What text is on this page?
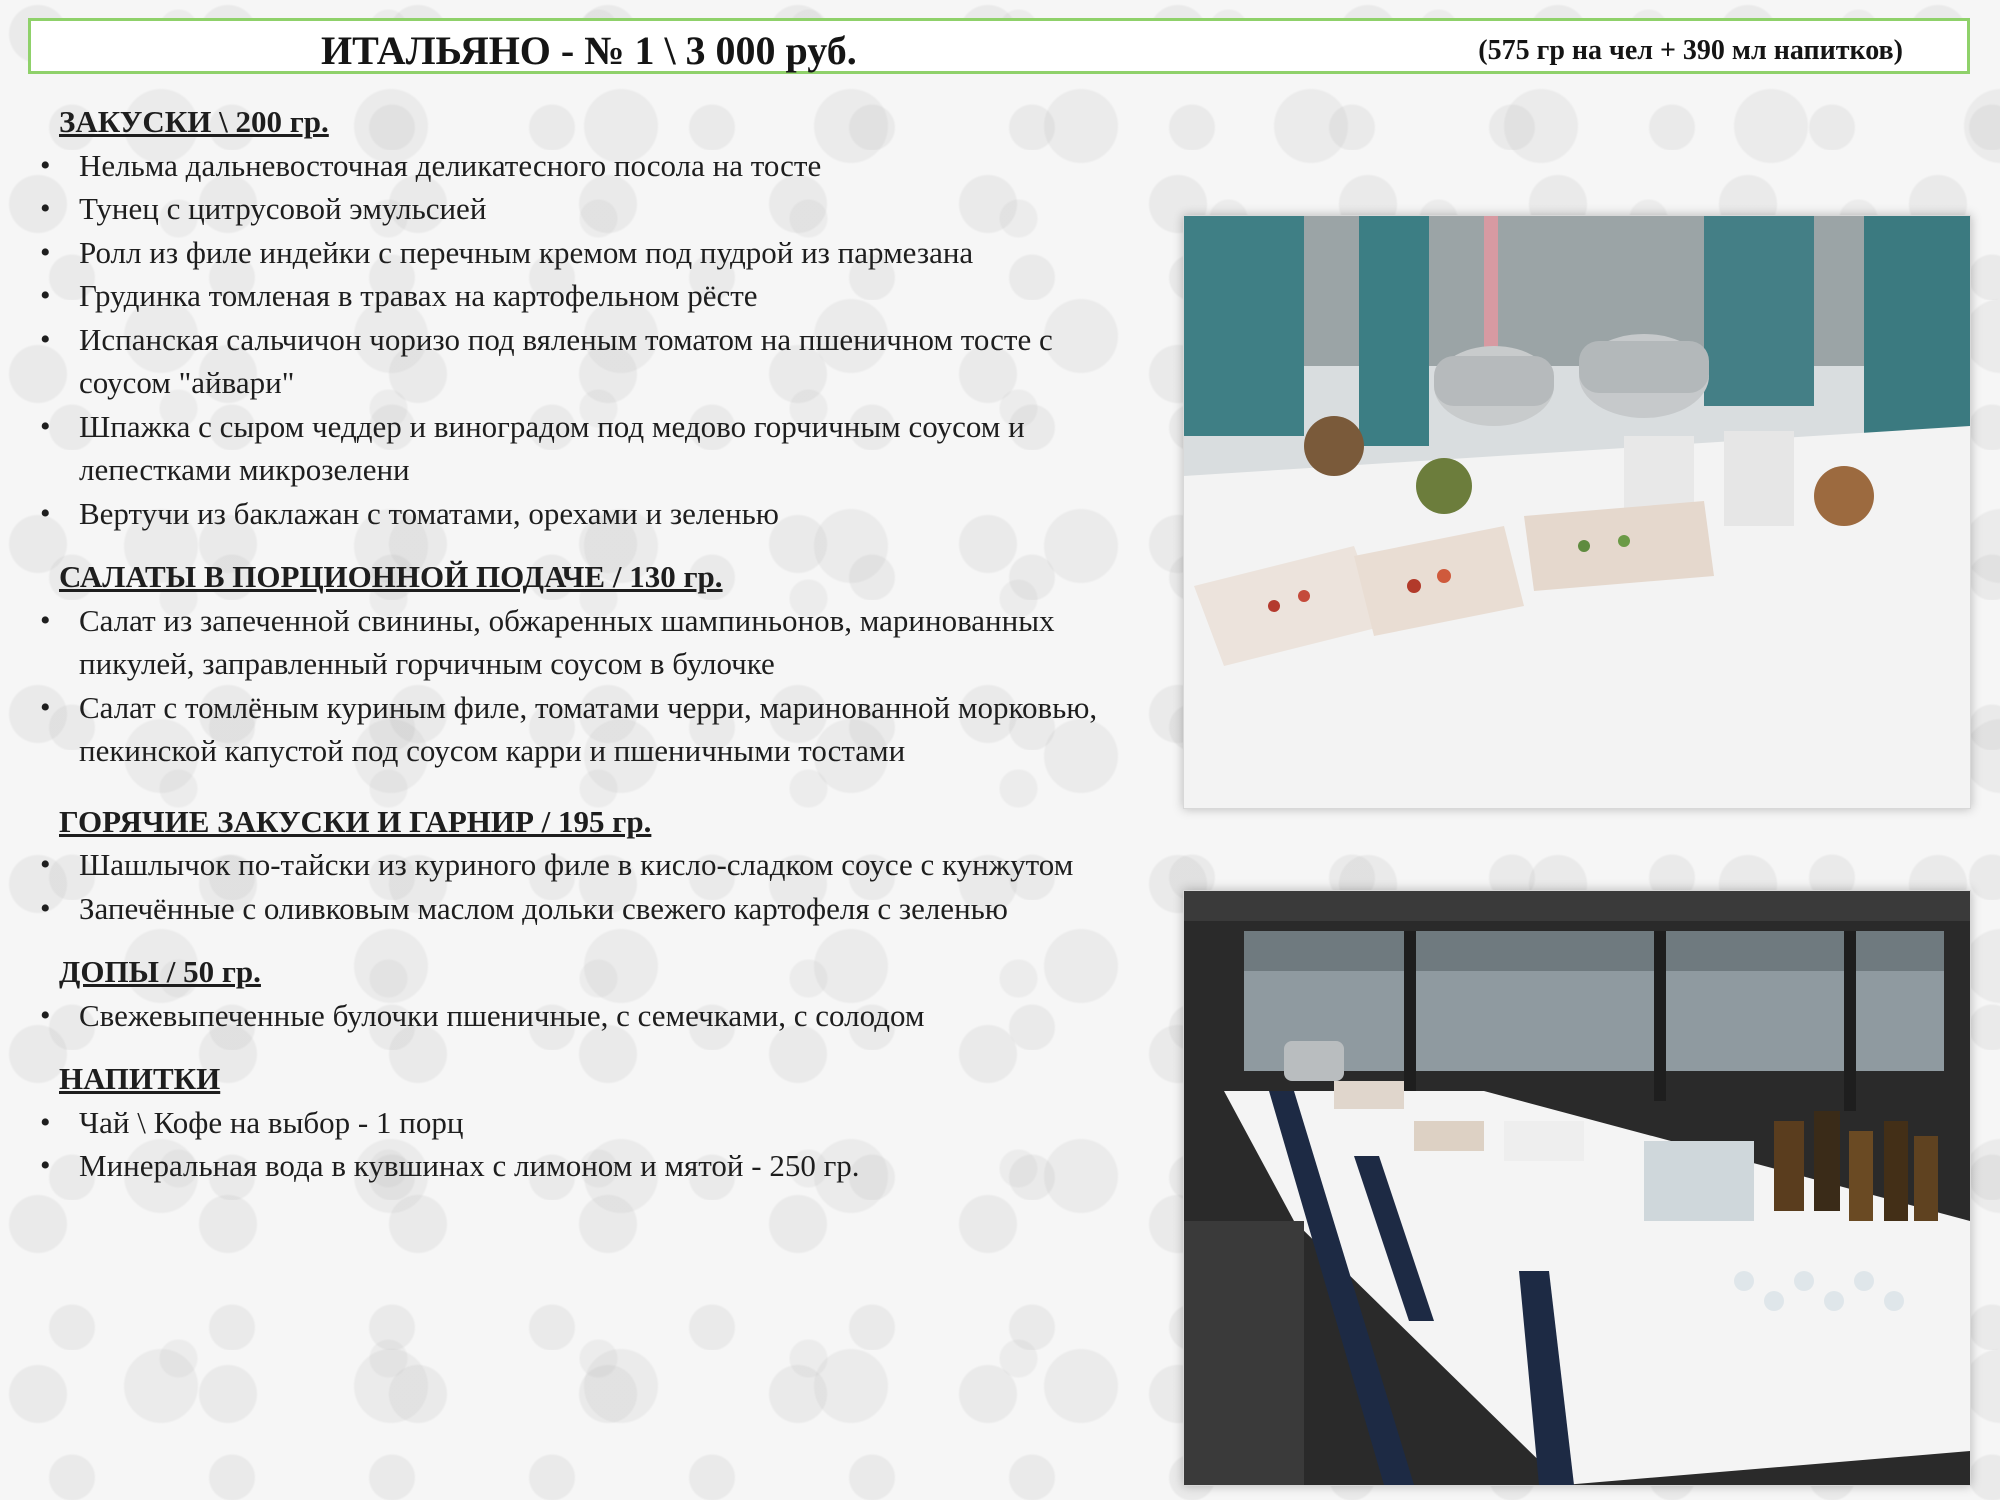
ИТАЛЬЯНО - № 1 \ 3 000 руб.	(575 гр на чел + 390 мл напитков)
ЗАКУСКИ \ 200 гр.
• Нельма дальневосточная деликатесного посола на тосте
• Тунец с цитрусовой эмульсией
• Ролл из филе индейки с перечным кремом под пудрой из пармезана
• Грудинка томленая в травах на картофельном рёсте
• Испанская сальчичон чоризо под вяленым томатом на пшеничном тосте с соусом "айвари"
• Шпажка с сыром чеддер и виноградом под медово горчичным соусом и лепестками микрозелени
• Вертучи из баклажан с томатами, орехами и зеленью
САЛАТЫ В ПОРЦИОННОЙ ПОДАЧЕ / 130 гр.
• Салат из запеченной свинины, обжаренных шампиньонов, маринованных пикулей, заправленный горчичным соусом в булочке
• Салат с томлёным куриным филе, томатами черри, маринованной морковью, пекинской капустой под соусом карри и пшеничными тостами
ГОРЯЧИЕ ЗАКУСКИ И ГАРНИР / 195 гр.
• Шашлычок по-тайски из куриного филе в кисло-сладком соусе с кунжутом
• Запечённые с оливковым маслом дольки свежего картофеля с зеленью
ДОПЫ / 50 гр.
• Свежевыпеченные булочки пшеничные, с семечками, с солодом
НАПИТКИ
• Чай \ Кофе на выбор - 1 порц
• Минеральная вода в кувшинах с лимоном и мятой - 250 гр.
